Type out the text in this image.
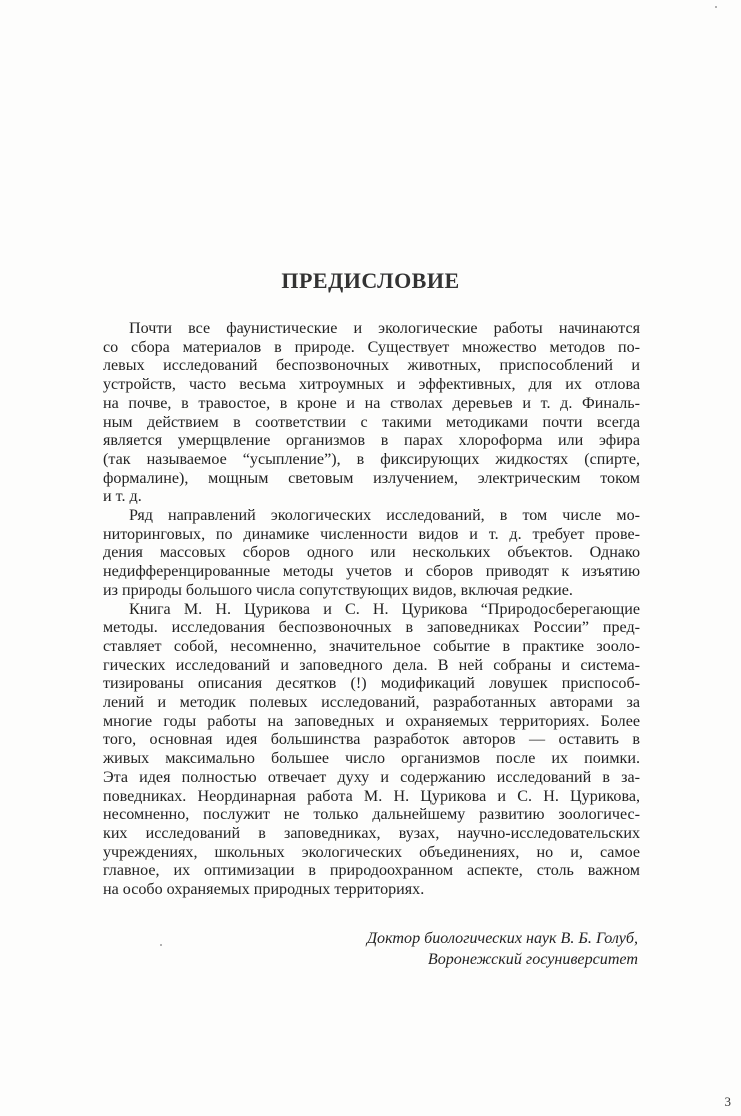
ПРЕДИСЛОВИЕ
Почти все фаунистические и экологические работы начинаются
со сбора материалов в природе. Существует множество методов по-
левых исследований беспозвоночных животных, приспособлений и
устройств, часто весьма хитроумных и эффективных, для их отлова
на почве, в травостое, в кроне и на стволах деревьев и т. д. Финаль-
ным действием в соответствии с такими методиками почти всегда
является умерщвление организмов в парах хлороформа или эфира
(так называемое “усыпление”), в фиксирующих жидкостях (спирте,
формалине), мощным световым излучением, электрическим током
и т. д.
Ряд направлений экологических исследований, в том числе мо-
ниторинговых, по динамике численности видов и т. д. требует прове-
дения массовых сборов одного или нескольких объектов. Однако
недифференцированные методы учетов и сборов приводят к изъятию
из природы большого числа сопутствующих видов, включая редкие.
Книга М. Н. Цурикова и С. Н. Цурикова “Природосберегающие
методы. исследования беспозвоночных в заповедниках России” пред-
ставляет собой, несомненно, значительное событие в практике зооло-
гических исследований и заповедного дела. В ней собраны и система-
тизированы описания десятков (!) модификаций ловушек приспособ-
лений и методик полевых исследований, разработанных авторами за
многие годы работы на заповедных и охраняемых территориях. Более
того, основная идея большинства разработок авторов — оставить в
живых максимально большее число организмов после их поимки.
Эта идея полностью отвечает духу и содержанию исследований в за-
поведниках. Неординарная работа М. Н. Цурикова и С. Н. Цурикова,
несомненно, послужит не только дальнейшему развитию зоологичес-
ких исследований в заповедниках, вузах, научно-исследовательских
учреждениях, школьных экологических объединениях, но и, самое
главное, их оптимизации в природоохранном аспекте, столь важном
на особо охраняемых природных территориях.
Доктор биологических наук В. Б. Голуб,
Воронежский госуниверситет
3
